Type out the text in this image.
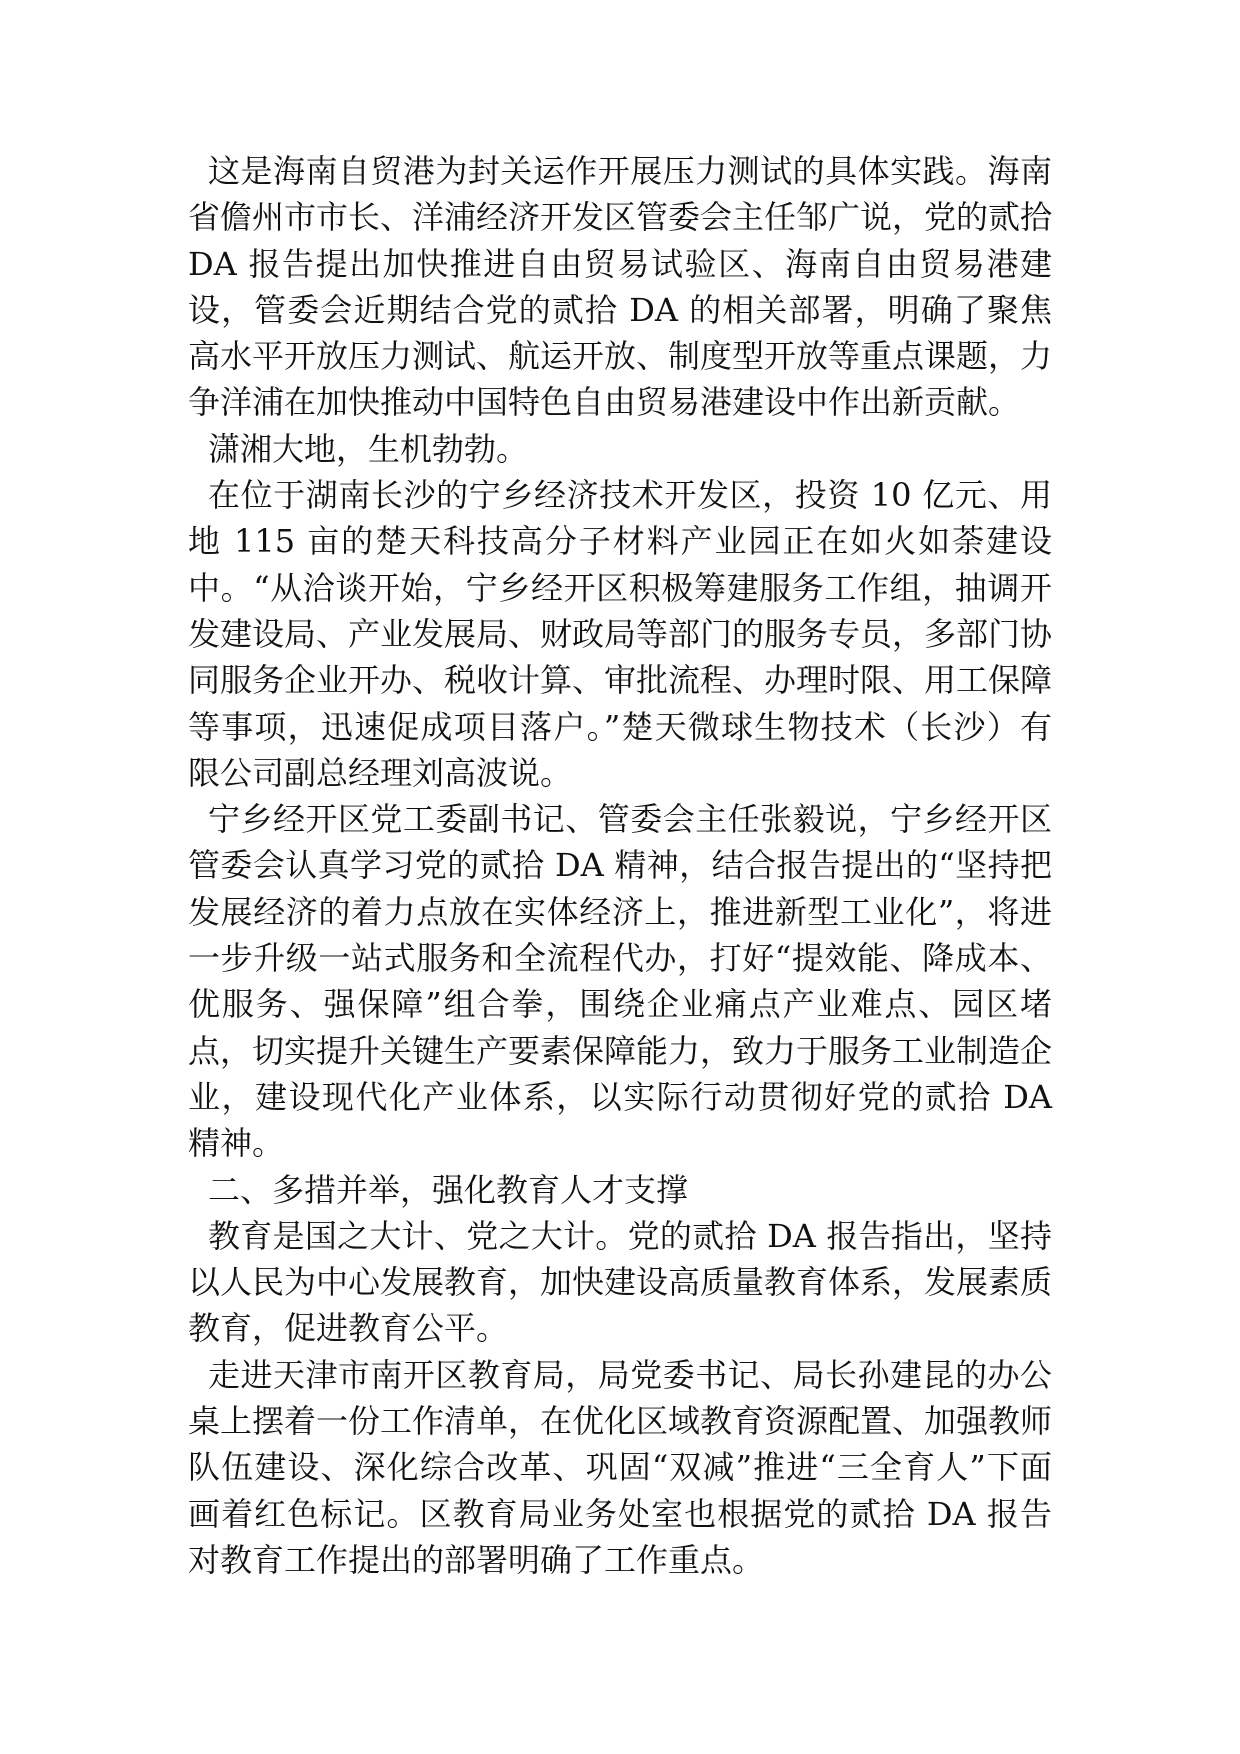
这是海南自贸港为封关运作开展压力测试的具体实践。海南省儋州市市长、洋浦经济开发区管委会主任邹广说，党的贰拾 DA 报告提出加快推进自由贸易试验区、海南自由贸易港建设，管委会近期结合党的贰拾 DA 的相关部署，明确了聚焦高水平开放压力测试、航运开放、制度型开放等重点课题，力争洋浦在加快推动中国特色自由贸易港建设中作出新贡献。

潇湘大地，生机勃勃。

在位于湖南长沙的宁乡经济技术开发区，投资 10 亿元、用地 115 亩的楚天科技高分子材料产业园正在如火如荼建设中。“从洽谈开始，宁乡经开区积极筹建服务工作组，抽调开发建设局、产业发展局、财政局等部门的服务专员，多部门协同服务企业开办、税收计算、审批流程、办理时限、用工保障等事项，迅速促成项目落户。”楚天微球生物技术（长沙）有限公司副总经理刘高波说。

宁乡经开区党工委副书记、管委会主任张毅说，宁乡经开区管委会认真学习党的贰拾 DA 精神，结合报告提出的“坚持把发展经济的着力点放在实体经济上，推进新型工业化”，将进一步升级一站式服务和全流程代办，打好“提效能、降成本、优服务、强保障”组合拳，围绕企业痛点产业难点、园区堵点，切实提升关键生产要素保障能力，致力于服务工业制造企业，建设现代化产业体系，以实际行动贯彻好党的贰拾 DA 精神。

二、多措并举，强化教育人才支撑

教育是国之大计、党之大计。党的贰拾 DA 报告指出，坚持以人民为中心发展教育，加快建设高质量教育体系，发展素质教育，促进教育公平。

走进天津市南开区教育局，局党委书记、局长孙建昆的办公桌上摆着一份工作清单，在优化区域教育资源配置、加强教师队伍建设、深化综合改革、巩固“双减”推进“三全育人”下面画着红色标记。区教育局业务处室也根据党的贰拾 DA 报告对教育工作提出的部署明确了工作重点。
